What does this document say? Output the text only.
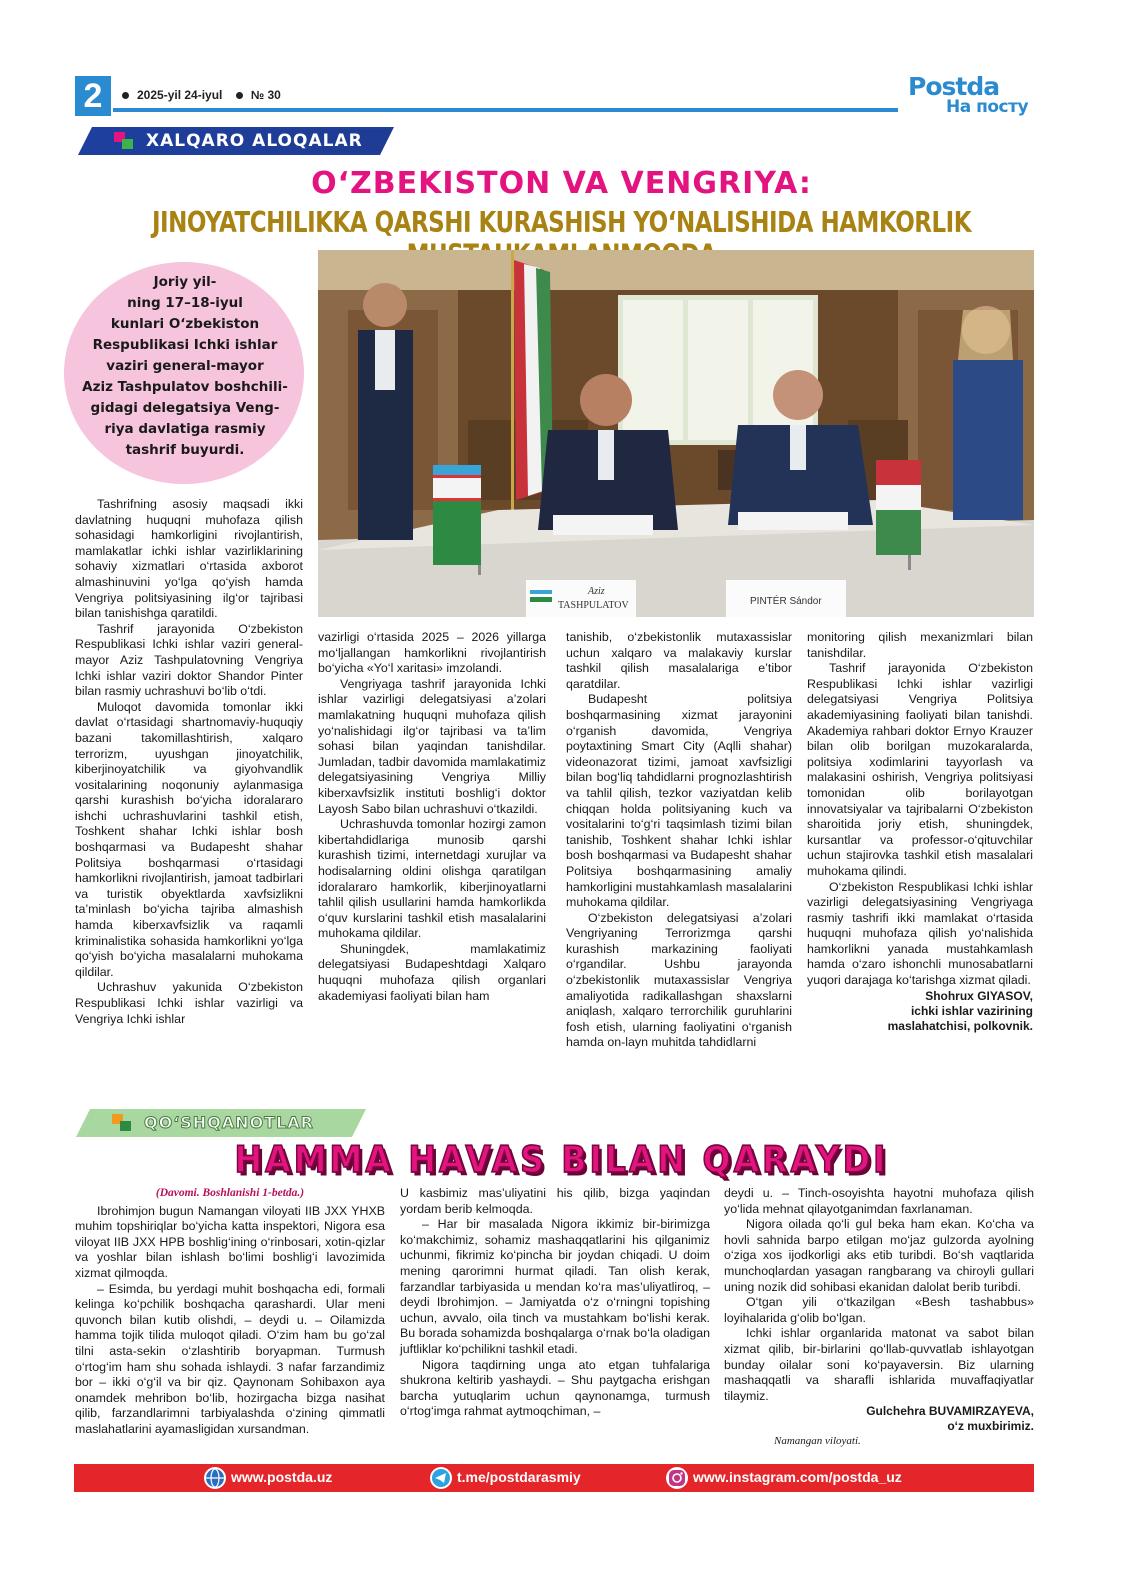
2	2025-yil 24-iyul № 30	Postda
На посту
XALQARO ALOQALAR
O‘ZBEKISTON VA VENGRIYA:
JINOYATCHILIKKA QARSHI KURASHISH YO‘NALISHIDA HAMKORLIK

Joriy yil-
ning 17–18-iyul
kunlari O‘zbekiston
Respublikasi Ichki ishlar
vaziri general-mayor
Aziz Tashpulatov boshchili-
gidagi delegatsiya Veng-
riya davlatiga rasmiy
tashrif buyurdi.

Aziz
TASHPULATOV	PINTÉR Sándor

Tashrifning asosiy maqsadi ikki davlatning huquqni muhofaza qilish sohasidagi hamkorligini rivojlantirish, mamlakatlar ichki ishlar vazirliklarining sohaviy xizmatlari o‘rtasida axborot almashinuvini yo‘lga qo‘yish hamda Vengriya politsiyasining ilg‘or tajribasi bilan tanishishga qaratildi.

Tashrif jarayonida O‘zbekiston Respublikasi Ichki ishlar vaziri general-mayor Aziz Tashpulatovning Vengriya Ichki ishlar vaziri doktor Shandor Pinter bilan rasmiy uchrashuvi bo‘lib o‘tdi.

Muloqot davomida tomonlar ikki davlat o‘rtasidagi shartnomaviy-huquqiy bazani takomillashtirish, xalqaro terrorizm, uyushgan jinoyatchilik, kiberjinoyatchilik va giyohvandlik vositalarining noqonuniy aylanmasiga qarshi kurashish bo‘yicha idoralararo ishchi uchrashuvlarini tashkil etish, Toshkent shahar Ichki ishlar bosh boshqarmasi va Budapesht shahar Politsiya boshqarmasi o‘rtasidagi hamkorlikni rivojlantirish, jamoat tadbirlari va turistik obyektlarda xavfsizlikni ta’minlash bo‘yicha tajriba almashish hamda kiberxavfsizlik va raqamli kriminalistika sohasida hamkorlikni yo‘lga qo‘yish bo‘yicha masalalarni muhokama qildilar.

Uchrashuv yakunida O‘zbekiston Respublikasi Ichki ishlar vazirligi va Vengriya Ichki ishlar

vazirligi o‘rtasida 2025 – 2026 yillarga mo‘ljallangan hamkorlikni rivojlantirish bo‘yicha «Yo‘l xaritasi» imzolandi.

Vengriyaga tashrif jarayonida Ichki ishlar vazirligi delegatsiyasi a’zolari mamlakatning huquqni muhofaza qilish yo‘nalishidagi ilg‘or tajribasi va ta’lim sohasi bilan yaqindan tanishdilar. Jumladan, tadbir davomida mamlakatimiz delegatsiyasining Vengriya Milliy kiberxavfsizlik instituti boshlig‘i doktor Layosh Sabo bilan uchrashuvi o‘tkazildi.

Uchrashuvda tomonlar hozirgi zamon kibertahdidlariga munosib qarshi kurashish tizimi, internetdagi xurujlar va hodisalarning oldini olishga qaratilgan idoralararo hamkorlik, kiberjinoyatlarni tahlil qilish usullarini hamda hamkorlikda o‘quv kurslarini tashkil etish masalalarini muhokama qildilar.

Shuningdek, mamlakatimiz delegatsiyasi Budapeshtdagi Xalqaro huquqni muhofaza qilish organlari akademiyasi faoliyati bilan ham

tanishib, o‘zbekistonlik mutaxassislar uchun xalqaro va malakaviy kurslar tashkil qilish masalalariga e’tibor qaratdilar.

Budapesht politsiya boshqarmasining xizmat jarayonini o‘rganish davomida, Vengriya poytaxtining Smart City (Aqlli shahar) videonazorat tizimi, jamoat xavfsizligi bilan bog‘liq tahdidlarni prognozlashtirish va tahlil qilish, tezkor vaziyatdan kelib chiqqan holda politsiyaning kuch va vositalarini to‘g‘ri taqsimlash tizimi bilan tanishib, Toshkent shahar Ichki ishlar bosh boshqarmasi va Budapesht shahar Politsiya boshqarmasining amaliy hamkorligini mustahkamlash masalalarini muhokama qildilar.

O‘zbekiston delegatsiyasi a’zolari Vengriyaning Terrorizmga qarshi kurashish markazining faoliyati o‘rgandilar. Ushbu jarayonda o‘zbekistonlik mutaxassislar Vengriya amaliyotida radikallashgan shaxslarni aniqlash, xalqaro terrorchilik guruhlarini fosh etish, ularning faoliyatini o‘rganish hamda on-layn muhitda tahdidlarni

monitoring qilish mexanizmlari bilan tanishdilar.

Tashrif jarayonida O‘zbekiston Respublikasi Ichki ishlar vazirligi delegatsiyasi Vengriya Politsiya akademiyasining faoliyati bilan tanishdi. Akademiya rahbari doktor Ernyo Krauzer bilan olib borilgan muzokaralarda, politsiya xodimlarini tayyorlash va malakasini oshirish, Vengriya politsiyasi tomonidan olib borilayotgan innovatsiyalar va tajribalarni O‘zbekiston sharoitida joriy etish, shuningdek, kursantlar va professor-o‘qituvchilar uchun stajirovka tashkil etish masalalari muhokama qilindi.

O‘zbekiston Respublikasi Ichki ishlar vazirligi delegatsiyasining Vengriyaga rasmiy tashrifi ikki mamlakat o‘rtasida huquqni muhofaza qilish yo‘nalishida hamkorlikni yanada mustahkamlash hamda o‘zaro ishonchli munosabatlarni yuqori darajaga ko‘tarishga xizmat qiladi.

Shohrux GIYASOV,
ichki ishlar vazirining
maslahatchisi, polkovnik.
QO‘SHQANOTLAR
HAMMA HAVAS BILAN QARAYDI

(Davomi. Boshlanishi 1-betda.)

Ibrohimjon bugun Namangan viloyati IIB JXX YHXB muhim topshiriqlar bo‘yicha katta inspektori, Nigora esa viloyat IIB JXX HPB boshlig‘ining o‘rinbosari, xotin-qizlar va yoshlar bilan ishlash bo‘limi boshlig‘i lavozimida xizmat qilmoqda.

– Esimda, bu yerdagi muhit boshqacha edi, formali kelinga ko‘pchilik boshqacha qarashardi. Ular meni quvonch bilan kutib olishdi, – deydi u. – Oilamizda hamma tojik tilida muloqot qiladi. O‘zim ham bu go‘zal tilni asta-sekin o‘zlashtirib boryapman. Turmush o‘rtog‘im ham shu sohada ishlaydi. 3 nafar farzandimiz bor – ikki o‘g‘il va bir qiz. Qaynonam Sohibaxon aya onamdek mehribon bo‘lib, hozirgacha bizga nasihat qilib, farzandlarimni tarbiyalashda o‘zining qimmatli maslahatlarini ayamasligidan xursandman.

U kasbimiz mas’uliyatini his qilib, bizga yaqindan yordam berib kelmoqda.

– Har bir masalada Nigora ikkimiz bir-birimizga ko‘makchimiz, sohamiz mashaqqatlarini his qilganimiz uchunmi, fikrimiz ko‘pincha bir joydan chiqadi. U doim mening qarorimni hurmat qiladi. Tan olish kerak, farzandlar tarbiyasida u mendan ko‘ra mas’uliyatliroq, – deydi Ibrohimjon. – Jamiyatda o‘z o‘rningni topishing uchun, avvalo, oila tinch va mustahkam bo‘lishi kerak. Bu borada sohamizda boshqalarga o‘rnak bo‘la oladigan juftliklar ko‘pchilikni tashkil etadi.

Nigora taqdirning unga ato etgan tuhfalariga shukrona keltirib yashaydi. – Shu paytgacha erishgan barcha yutuqlarim uchun qaynonamga, turmush o‘rtog‘imga rahmat aytmoqchiman, –

deydi u. – Tinch-osoyishta hayotni muhofaza qilish yo‘lida mehnat qilayotganimdan faxrlanaman.

Nigora oilada qo‘li gul beka ham ekan. Ko‘cha va hovli sahnida barpo etilgan mo‘jaz gulzorda ayolning o‘ziga xos ijodkorligi aks etib turibdi. Bo‘sh vaqtlarida munchoqlardan yasagan rangbarang va chiroyli gullari uning nozik did sohibasi ekanidan dalolat berib turibdi.

O‘tgan yili o‘tkazilgan «Besh tashabbus» loyihalarida g‘olib bo‘lgan.

Ichki ishlar organlarida matonat va sabot bilan xizmat qilib, bir-birlarini qo‘llab-quvvatlab ishlayotgan bunday oilalar soni ko‘payaversin. Biz ularning mashaqqatli va sharafli ishlarida muvaffaqiyatlar tilaymiz.

Gulchehra BUVAMIRZAYEVA,
o‘z muxbirimiz.
Namangan viloyati.
www.postda.uz	t.me/postdarasmiy	www.instagram.com/postda_uz
